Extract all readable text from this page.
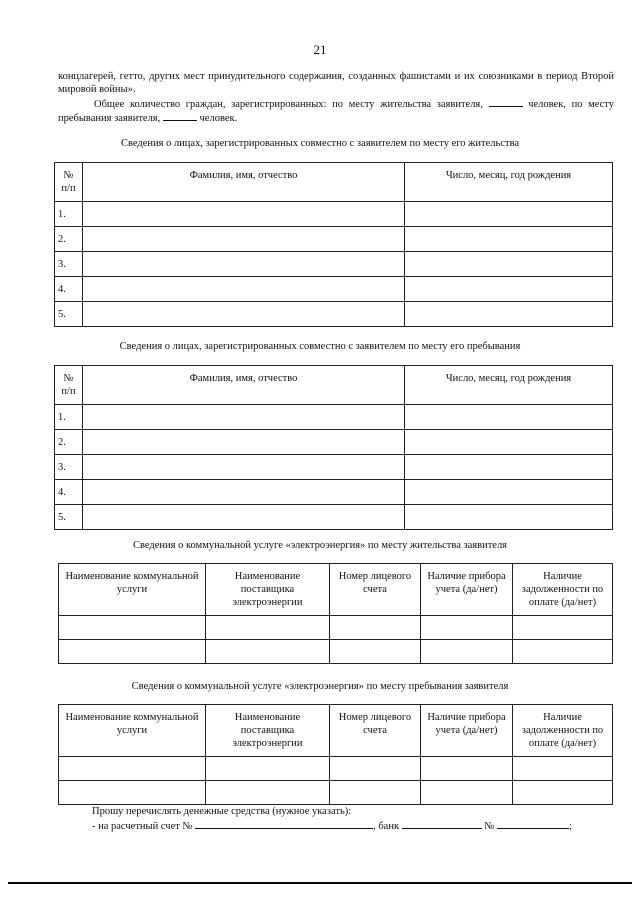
21

концлагерей, гетто, других мест принудительного содержания, созданных фашистами и их союзниками в период Второй мировой войны».

Общее количество граждан, зарегистрированных: по месту жительства заявителя,	человек, по месту пребывания заявителя,	человек.

Сведения о лицах, зарегистрированных совместно с заявителем по месту его жительства
№ п/п	Фамилия, имя, отчество	Число, месяц, год рождения
1.		
2.		
3.		
4.		
5.		
Сведения о лицах, зарегистрированных совместно с заявителем по месту его пребывания
№ п/п	Фамилия, имя, отчество	Число, месяц, год рождения
1.		
2.		
3.		
4.		
5.		
Сведения о коммунальной услуге «электроэнергия» по месту жительства заявителя
Наименование коммунальной услуги	Наименование поставщика электроэнергии	Номер лицевого счета	Наличие прибора учета (да/нет)	Наличие задолженности по оплате (да/нет)

Сведения о коммунальной услуге «электроэнергия» по месту пребывания заявителя
Наименование коммунальной услуги	Наименование поставщика электроэнергии	Номер лицевого счета	Наличие прибора учета (да/нет)	Наличие задолженности по оплате (да/нет)

Прошу перечислять денежные средства (нужное указать):
- на расчетный счет №	, банк	№	;
